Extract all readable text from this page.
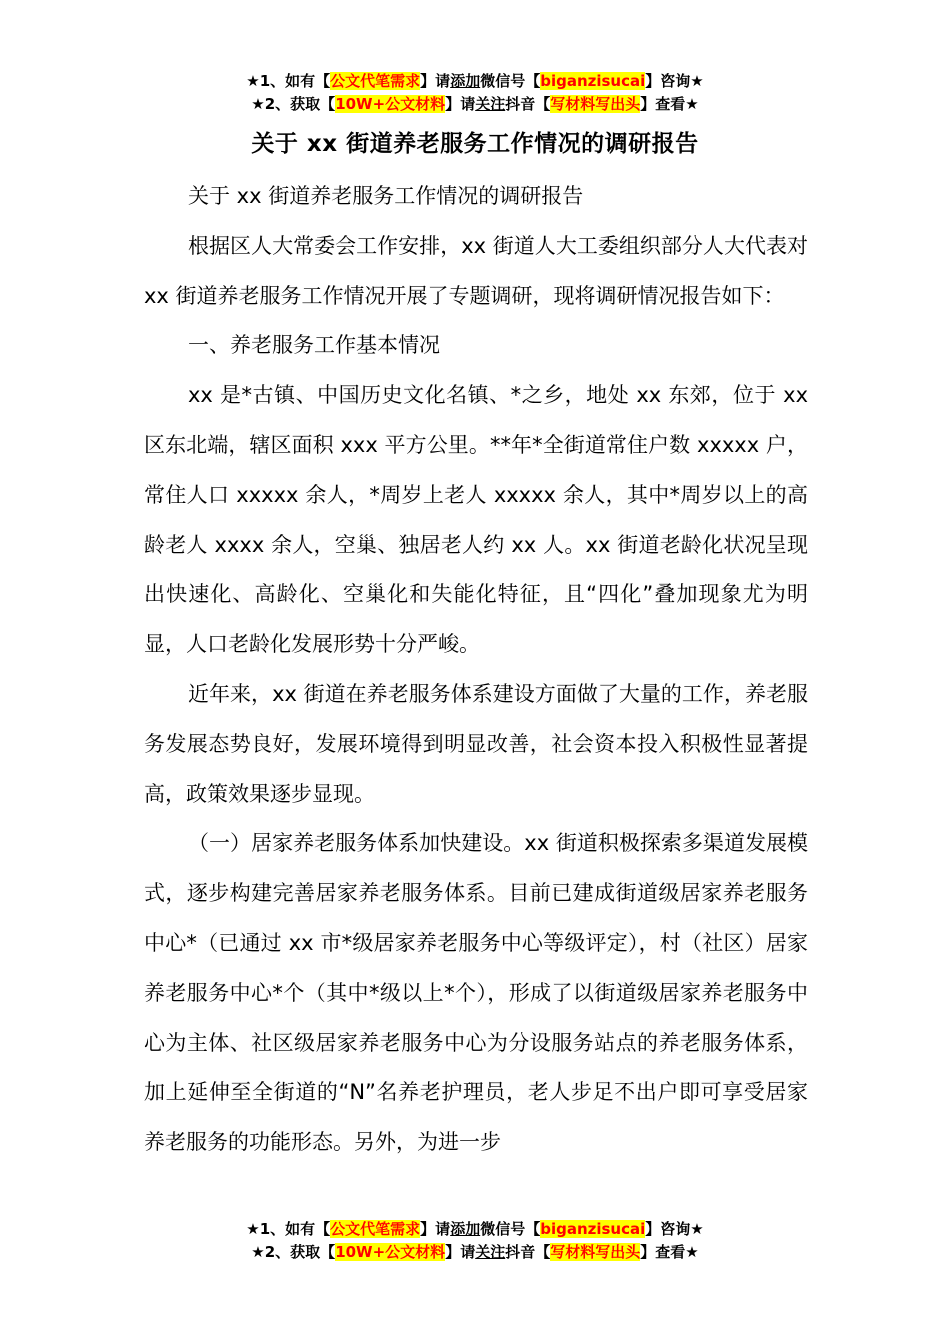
★1、如有【公文代笔需求】请添加微信号【biganzisucai】咨询★
★2、获取【10W+公文材料】请关注抖音【写材料写出头】查看★
关于 xx 街道养老服务工作情况的调研报告

关于 xx 街道养老服务工作情况的调研报告

根据区人大常委会工作安排，xx 街道人大工委组织部分人大代表对 xx 街道养老服务工作情况开展了专题调研，现将调研情况报告如下：

一、养老服务工作基本情况

xx 是*古镇、中国历史文化名镇、*之乡，地处 xx 东郊，位于 xx 区东北端，辖区面积 xxx 平方公里。**年*全街道常住户数 xxxxx 户，常住人口 xxxxx 余人，*周岁上老人 xxxxx 余人，其中*周岁以上的高龄老人 xxxx 余人，空巢、独居老人约 xx 人。xx 街道老龄化状况呈现出快速化、高龄化、空巢化和失能化特征，且“四化”叠加现象尤为明显，人口老龄化发展形势十分严峻。

近年来，xx 街道在养老服务体系建设方面做了大量的工作，养老服务发展态势良好，发展环境得到明显改善，社会资本投入积极性显著提高，政策效果逐步显现。

（一）居家养老服务体系加快建设。xx 街道积极探索多渠道发展模式，逐步构建完善居家养老服务体系。目前已建成街道级居家养老服务中心*（已通过 xx 市*级居家养老服务中心等级评定），村（社区）居家养老服务中心*个（其中*级以上*个），形成了以街道级居家养老服务中心为主体、社区级居家养老服务中心为分设服务站点的养老服务体系，加上延伸至全街道的“N”名养老护理员，老人步足不出户即可享受居家养老服务的功能形态。另外，为进一步

★1、如有【公文代笔需求】请添加微信号【biganzisucai】咨询★
★2、获取【10W+公文材料】请关注抖音【写材料写出头】查看★
